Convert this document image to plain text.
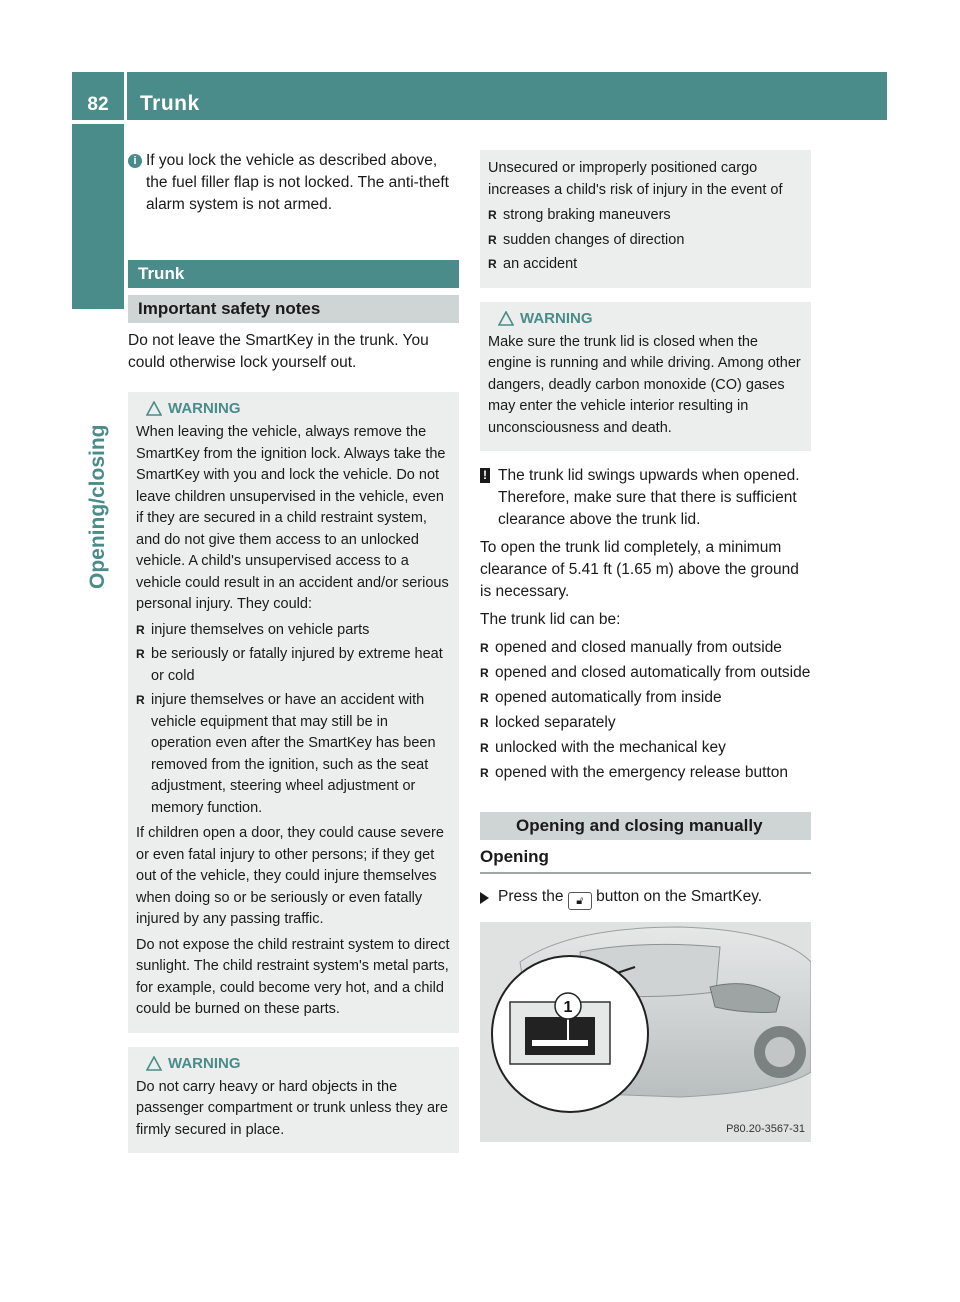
82	Trunk
Opening/closing
i If you lock the vehicle as described above, the fuel filler flap is not locked. The anti-theft alarm system is not armed.
Trunk
Important safety notes

Do not leave the SmartKey in the trunk. You could otherwise lock yourself out.

WARNING

When leaving the vehicle, always remove the SmartKey from the ignition lock. Always take the SmartKey with you and lock the vehicle. Do not leave children unsupervised in the vehicle, even if they are secured in a child restraint system, and do not give them access to an unlocked vehicle. A child's unsupervised access to a vehicle could result in an accident and/or serious personal injury. They could:

R injure themselves on vehicle parts
R be seriously or fatally injured by extreme heat or cold
R injure themselves or have an accident with vehicle equipment that may still be in operation even after the SmartKey has been removed from the ignition, such as the seat adjustment, steering wheel adjustment or memory function.

If children open a door, they could cause severe or even fatal injury to other persons; if they get out of the vehicle, they could injure themselves when doing so or be seriously or even fatally injured by any passing traffic.

Do not expose the child restraint system to direct sunlight. The child restraint system's metal parts, for example, could become very hot, and a child could be burned on these parts.

WARNING

Do not carry heavy or hard objects in the passenger compartment or trunk unless they are firmly secured in place.

Unsecured or improperly positioned cargo increases a child's risk of injury in the event of

R strong braking maneuvers
R sudden changes of direction
R an accident
WARNING

Make sure the trunk lid is closed when the engine is running and while driving. Among other dangers, deadly carbon monoxide (CO) gases may enter the vehicle interior resulting in unconsciousness and death.

! The trunk lid swings upwards when opened. Therefore, make sure that there is sufficient clearance above the trunk lid.

To open the trunk lid completely, a minimum clearance of 5.41 ft (1.65 m) above the ground is necessary.

The trunk lid can be:

R opened and closed manually from outside
R opened and closed automatically from outside
R opened automatically from inside
R locked separately
R unlocked with the mechanical key
R opened with the emergency release button
Opening and closing manually
Opening
Press the 🔓︎ button on the SmartKey.
1
P80.20-3567-31
